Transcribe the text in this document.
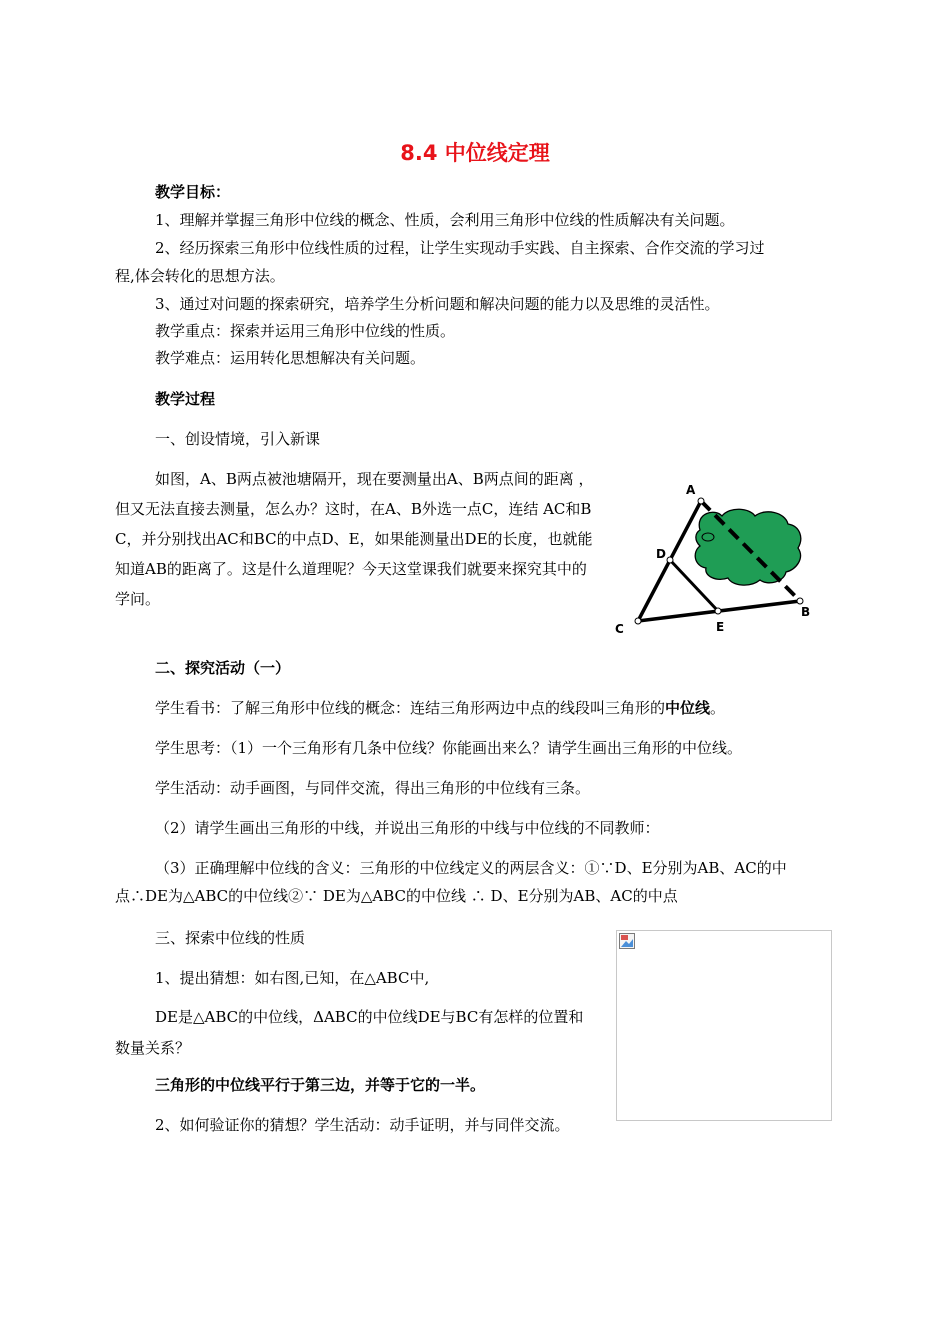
8.4 中位线定理
教学目标：
1、理解并掌握三角形中位线的概念、性质，会利用三角形中位线的性质解决有关问题。
2、经历探索三角形中位线性质的过程，让学生实现动手实践、自主探索、合作交流的学习过
程,体会转化的思想方法。
3、通过对问题的探索研究，培养学生分析问题和解决问题的能力以及思维的灵活性。
教学重点：探索并运用三角形中位线的性质。
教学难点：运用转化思想解决有关问题。
教学过程
一、创设情境，引入新课
如图，A、B两点被池塘隔开，现在要测量出A、B两点间的距离 ，但又无法直接去测量，怎么办？这时，在A、B外选一点C，连结 AC和BC，并分别找出AC和BC的中点D、E，如果能测量出DE的长度，也就能知道AB的距离了。这是什么道理呢？今天这堂课我们就要来探究其中的学问。
A
B
C
D
E
二、探究活动（一）
学生看书：了解三角形中位线的概念：连结三角形两边中点的线段叫三角形的中位线。
学生思考：（1）一个三角形有几条中位线？你能画出来么？请学生画出三角形的中位线。
学生活动：动手画图，与同伴交流，得出三角形的中位线有三条。
（2）请学生画出三角形的中线，并说出三角形的中线与中位线的不同教师：
（3）正确理解中位线的含义：三角形的中位线定义的两层含义：①∵D、E分别为AB、AC的中
点∴DE为△ABC的中位线②∵ DE为△ABC的中位线 ∴ D、E分别为AB、AC的中点
三、探索中位线的性质
1、提出猜想：如右图,已知，在△ABC中,
DE是△ABC的中位线，ΔABC的中位线DE与BC有怎样的位置和数量关系？
三角形的中位线平行于第三边，并等于它的一半。
2、如何验证你的猜想？学生活动：动手证明，并与同伴交流。
